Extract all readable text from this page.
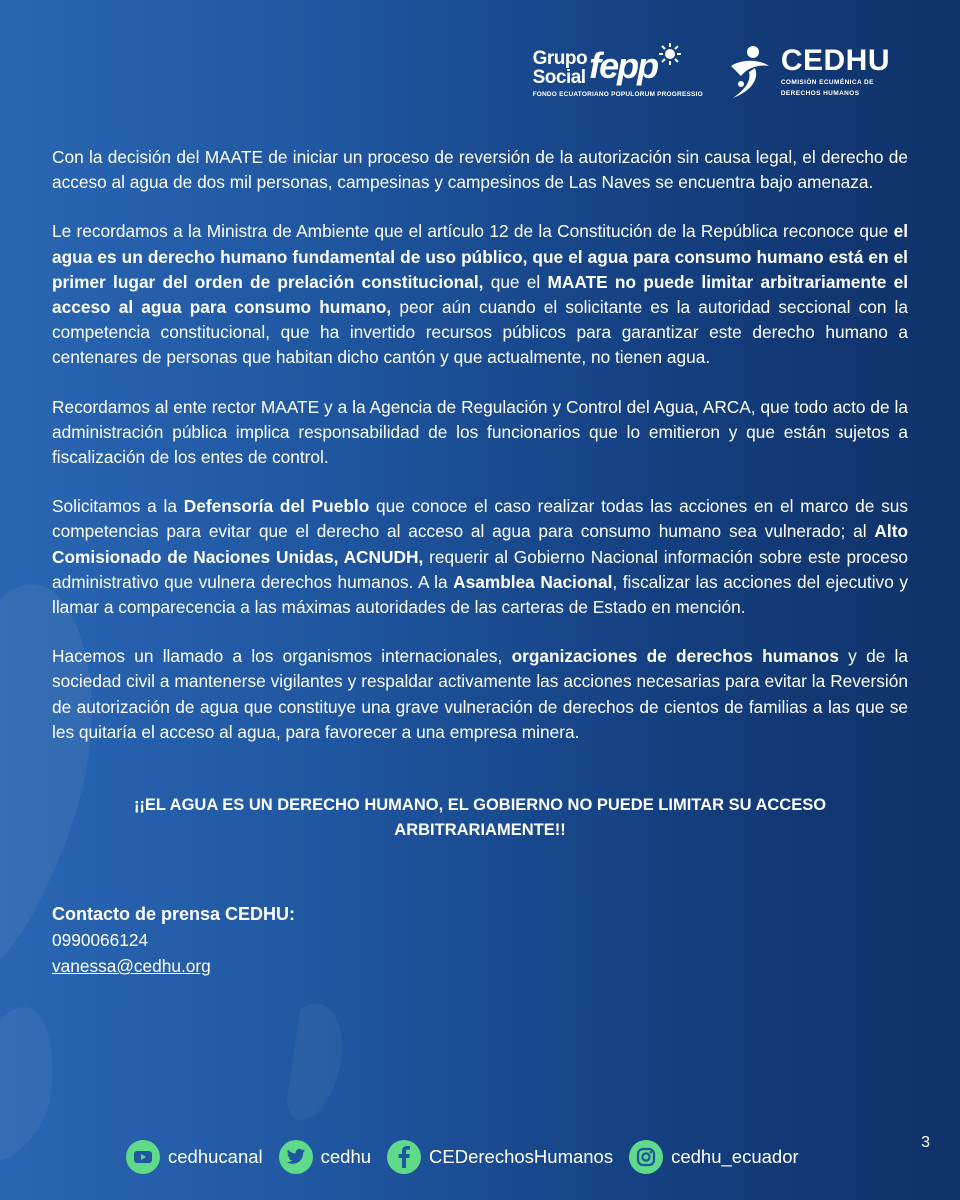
Grupo
Social fepp
FONDO ECUATORIANO POPULORUM PROGRESSIO
CEDHU
COMISIÓN ECUMÉNICA DE
DERECHOS HUMANOS

Con la decisión del MAATE de iniciar un proceso de reversión de la autorización sin causa legal, el derecho de acceso al agua de dos mil personas, campesinas y campesinos de Las Naves se encuentra bajo amenaza.

Le recordamos a la Ministra de Ambiente que el artículo 12 de la Constitución de la República reconoce que el agua es un derecho humano fundamental de uso público, que el agua para consumo humano está en el primer lugar del orden de prelación constitucional, que el MAATE no puede limitar arbitrariamente el acceso al agua para consumo humano, peor aún cuando el solicitante es la autoridad seccional con la competencia constitucional, que ha invertido recursos públicos para garantizar este derecho humano a centenares de personas que habitan dicho cantón y que actualmente, no tienen agua.

Recordamos al ente rector MAATE y a la Agencia de Regulación y Control del Agua, ARCA, que todo acto de la administración pública implica responsabilidad de los funcionarios que lo emitieron y que están sujetos a fiscalización de los entes de control.

Solicitamos a la Defensoría del Pueblo que conoce el caso realizar todas las acciones en el marco de sus competencias para evitar que el derecho al acceso al agua para consumo humano sea vulnerado; al Alto Comisionado de Naciones Unidas, ACNUDH, requerir al Gobierno Nacional información sobre este proceso administrativo que vulnera derechos humanos. A la Asamblea Nacional, fiscalizar las acciones del ejecutivo y llamar a comparecencia a las máximas autoridades de las carteras de Estado en mención.

Hacemos un llamado a los organismos internacionales, organizaciones de derechos humanos y de la sociedad civil a mantenerse vigilantes y respaldar activamente las acciones necesarias para evitar la Reversión de autorización de agua que constituye una grave vulneración de derechos de cientos de familias a las que se les quitaría el acceso al agua, para favorecer a una empresa minera.

¡¡EL AGUA ES UN DERECHO HUMANO, EL GOBIERNO NO PUEDE LIMITAR SU ACCESO ARBITRARIAMENTE!!

Contacto de prensa CEDHU:
0990066124
vanessa@cedhu.org
cedhucanal	cedhu	CEDerechosHumanos	cedhu_ecuador
3
